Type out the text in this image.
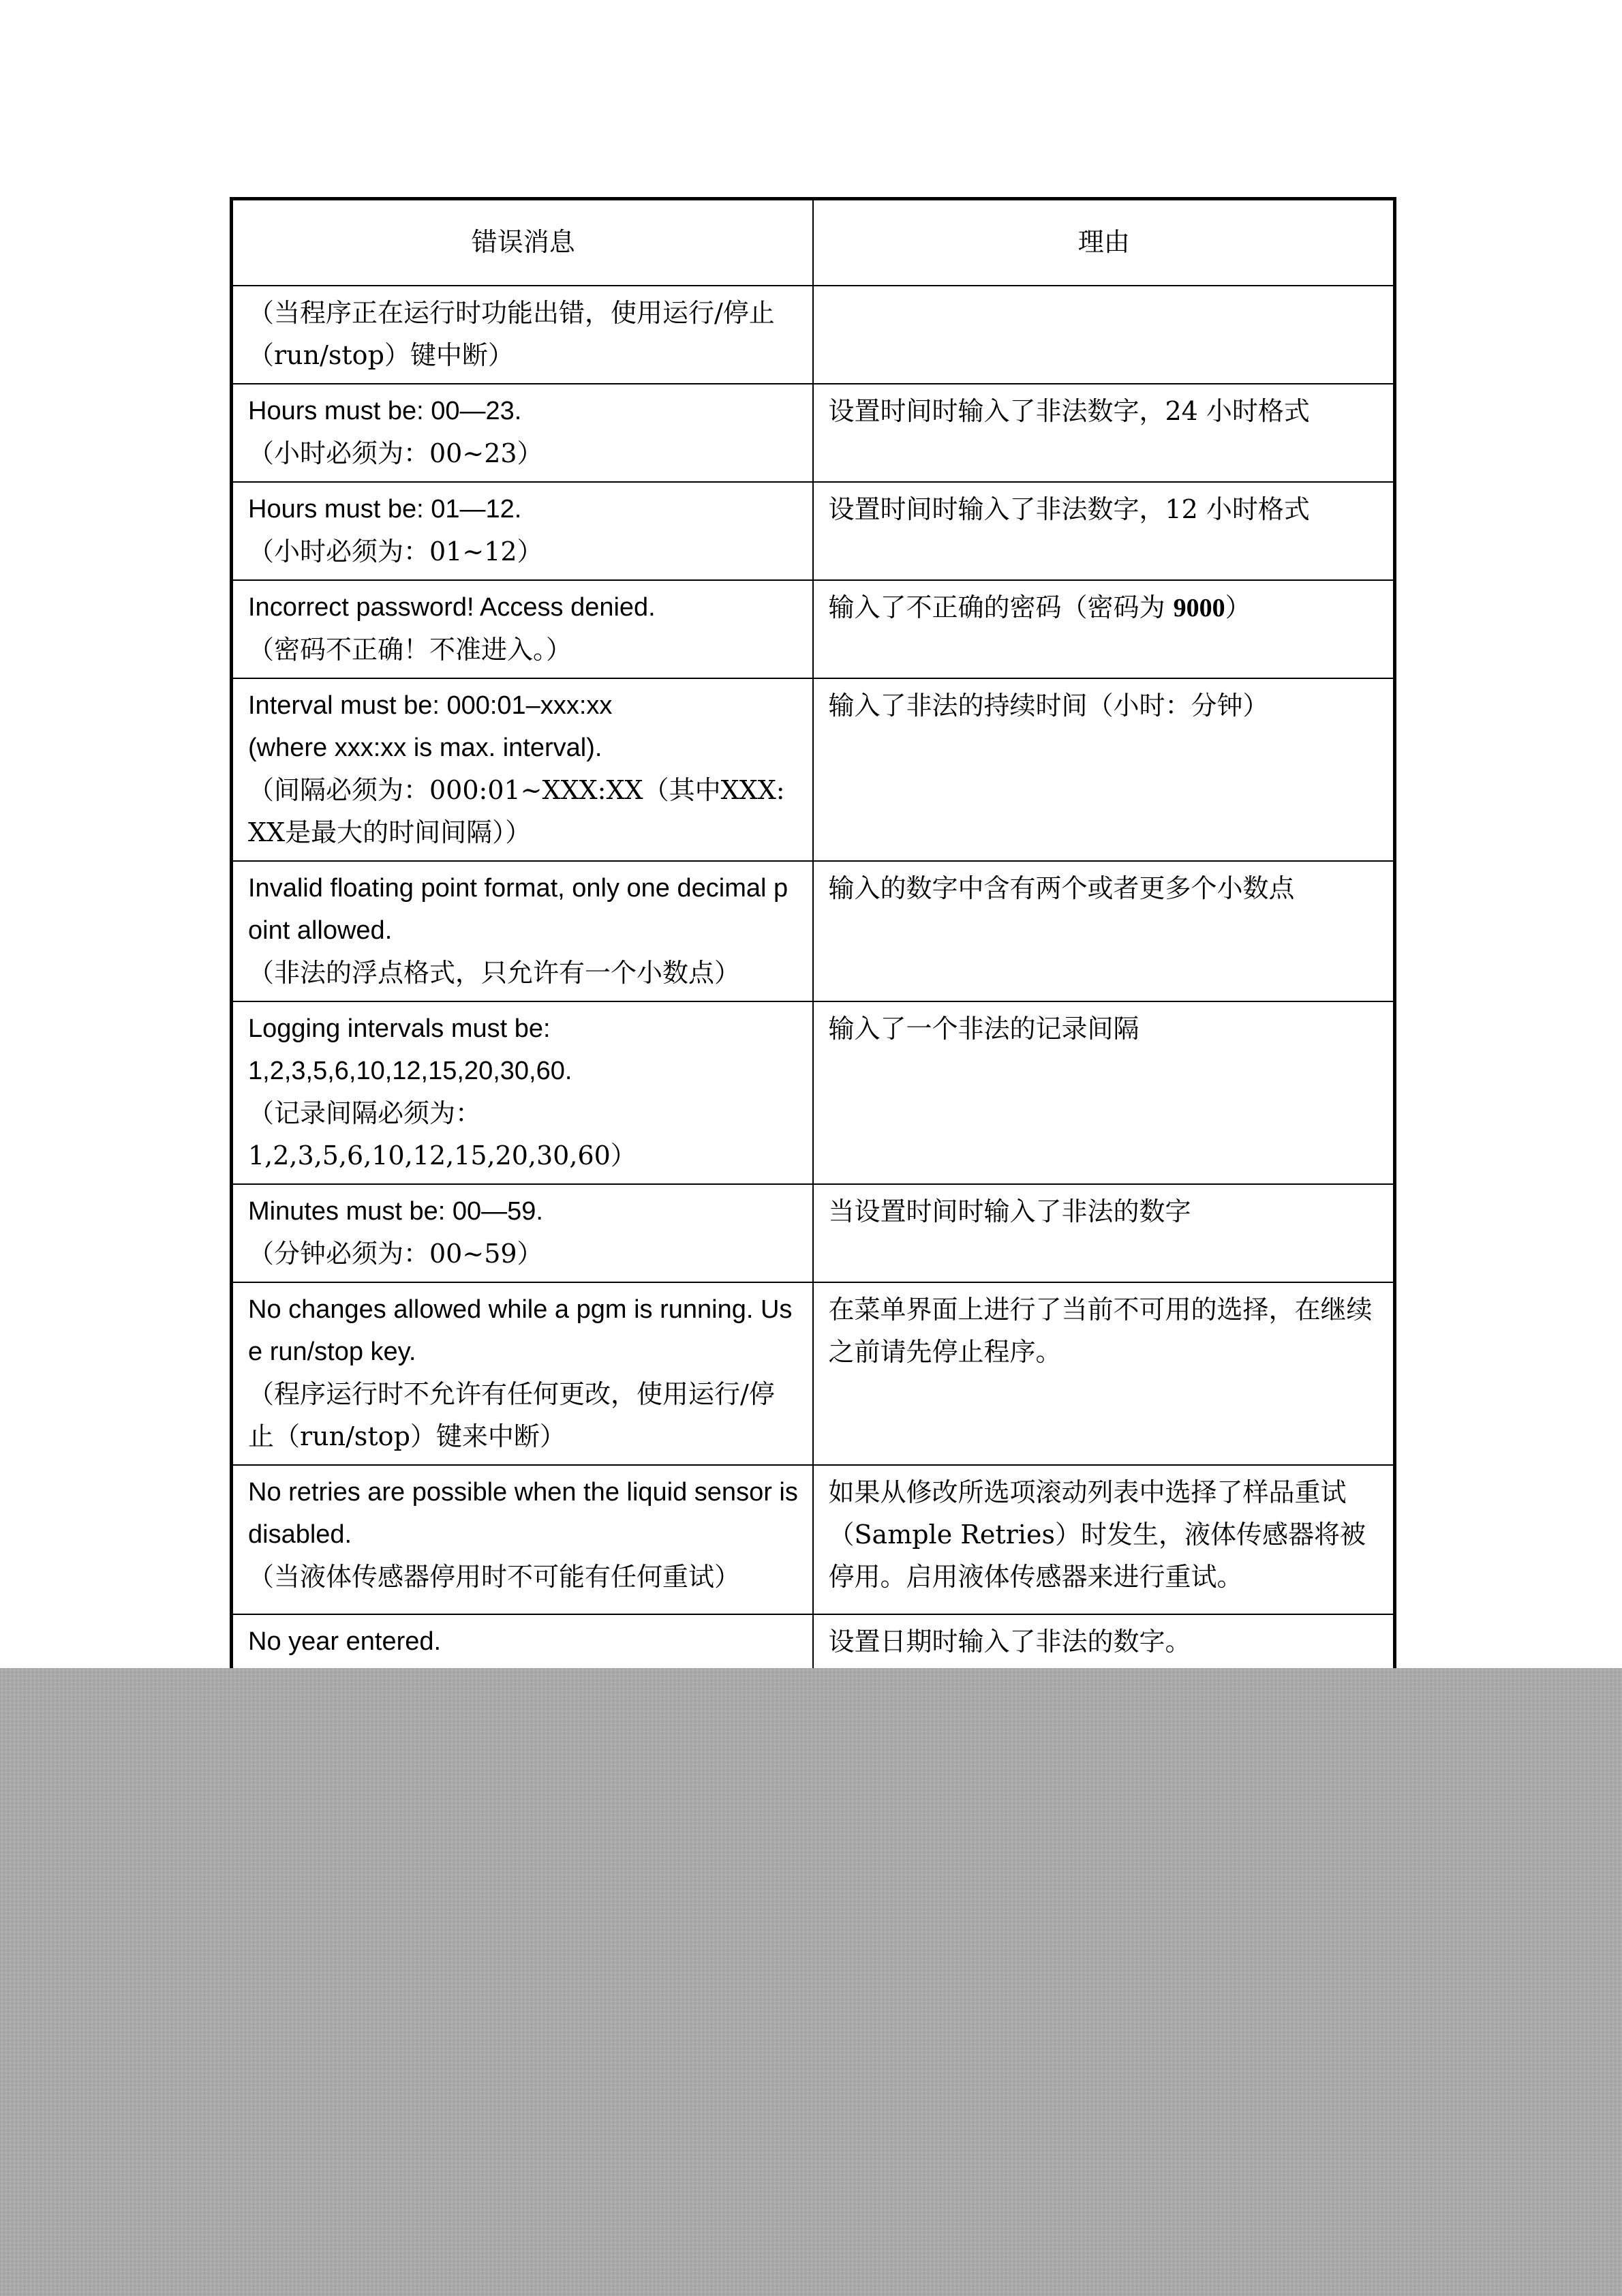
错误消息	理由

（当程序正在运行时功能出错，使用运行/停止（run/stop）键中断）	

Hours must be: 00—23.
（小时必须为：00~23）	设置时间时输入了非法数字，24 小时格式

Hours must be: 01—12.
（小时必须为：01~12）	设置时间时输入了非法数字，12 小时格式

Incorrect password! Access denied.
（密码不正确！不准进入。）	输入了不正确的密码（密码为 9000）

Interval must be: 000:01–xxx:xx
(where xxx:xx is max. interval).
（间隔必须为：000:01~XXX:XX（其中XXX:XX是最大的时间间隔））	输入了非法的持续时间（小时：分钟）

Invalid floating point format, only one decimal point allowed.
（非法的浮点格式，只允许有一个小数点）	输入的数字中含有两个或者更多个小数点

Logging intervals must be:
1,2,3,5,6,10,12,15,20,30,60.
（记录间隔必须为：
1,2,3,5,6,10,12,15,20,30,60）	输入了一个非法的记录间隔

Minutes must be: 00—59.
（分钟必须为：00~59）	当设置时间时输入了非法的数字

No changes allowed while a pgm is running. Use run/stop key.
（程序运行时不允许有任何更改，使用运行/停止（run/stop）键来中断）	在菜单界面上进行了当前不可用的选择，在继续之前请先停止程序。

No retries are possible when the liquid sensor is disabled.
（当液体传感器停用时不可能有任何重试）	如果从修改所选项滚动列表中选择了样品重试（Sample Retries）时发生，液体传感器将被停用。启用液体传感器来进行重试。

No year entered.	设置日期时输入了非法的数字。
